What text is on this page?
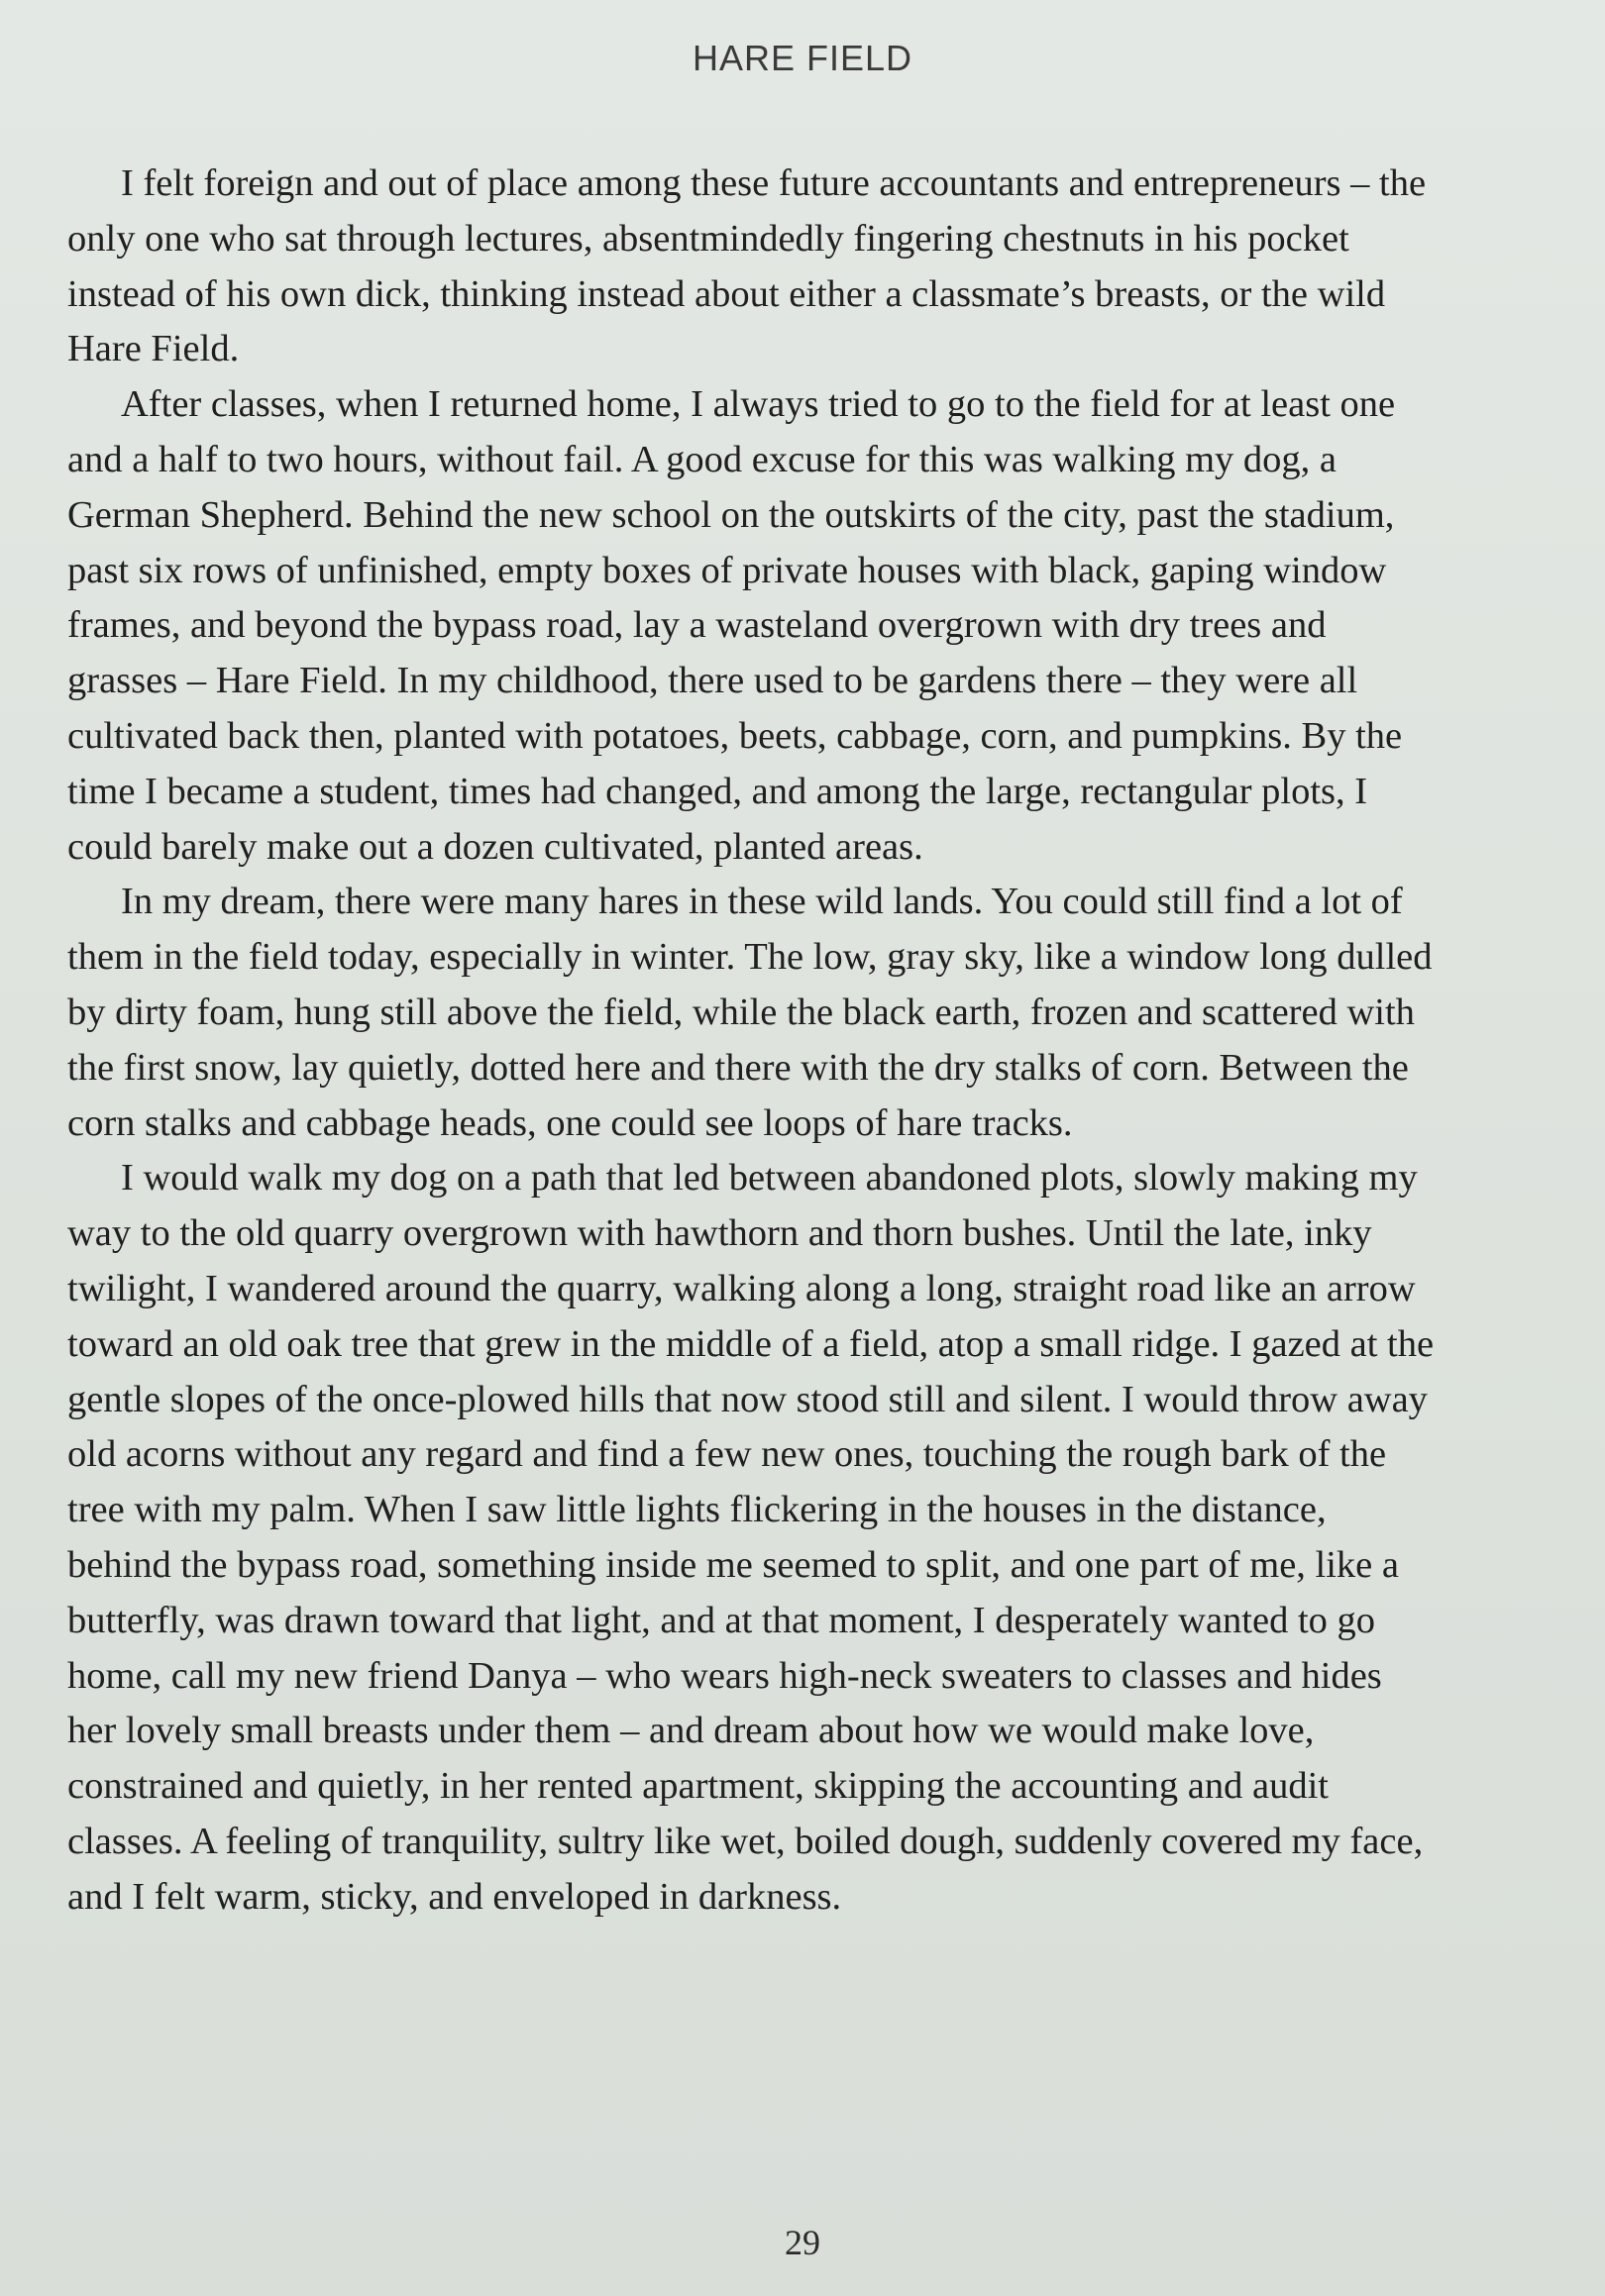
HARE FIELD

I felt foreign and out of place among these future accountants and entrepreneurs – the only one who sat through lectures, absentmindedly fingering chestnuts in his pocket instead of his own dick, thinking instead about either a classmate’s breasts, or the wild Hare Field.

After classes, when I returned home, I always tried to go to the field for at least one and a half to two hours, without fail. A good excuse for this was walking my dog, a German Shepherd. Behind the new school on the outskirts of the city, past the stadium, past six rows of unfinished, empty boxes of private houses with black, gaping window frames, and beyond the bypass road, lay a wasteland overgrown with dry trees and grasses – Hare Field. In my childhood, there used to be gardens there – they were all cultivated back then, planted with potatoes, beets, cabbage, corn, and pumpkins. By the time I became a student, times had changed, and among the large, rectangular plots, I could barely make out a dozen cultivated, planted areas.

In my dream, there were many hares in these wild lands. You could still find a lot of them in the field today, especially in winter. The low, gray sky, like a window long dulled by dirty foam, hung still above the field, while the black earth, frozen and scattered with the first snow, lay quietly, dotted here and there with the dry stalks of corn. Between the corn stalks and cabbage heads, one could see loops of hare tracks.

I would walk my dog on a path that led between abandoned plots, slowly making my way to the old quarry overgrown with hawthorn and thorn bushes. Until the late, inky twilight, I wandered around the quarry, walking along a long, straight road like an arrow toward an old oak tree that grew in the middle of a field, atop a small ridge. I gazed at the gentle slopes of the once-plowed hills that now stood still and silent. I would throw away old acorns without any regard and find a few new ones, touching the rough bark of the tree with my palm. When I saw little lights flickering in the houses in the distance, behind the bypass road, something inside me seemed to split, and one part of me, like a butterfly, was drawn toward that light, and at that moment, I desperately wanted to go home, call my new friend Danya – who wears high-neck sweaters to classes and hides her lovely small breasts under them – and dream about how we would make love, constrained and quietly, in her rented apartment, skipping the accounting and audit classes. A feeling of tranquility, sultry like wet, boiled dough, suddenly covered my face, and I felt warm, sticky, and enveloped in darkness.

29
